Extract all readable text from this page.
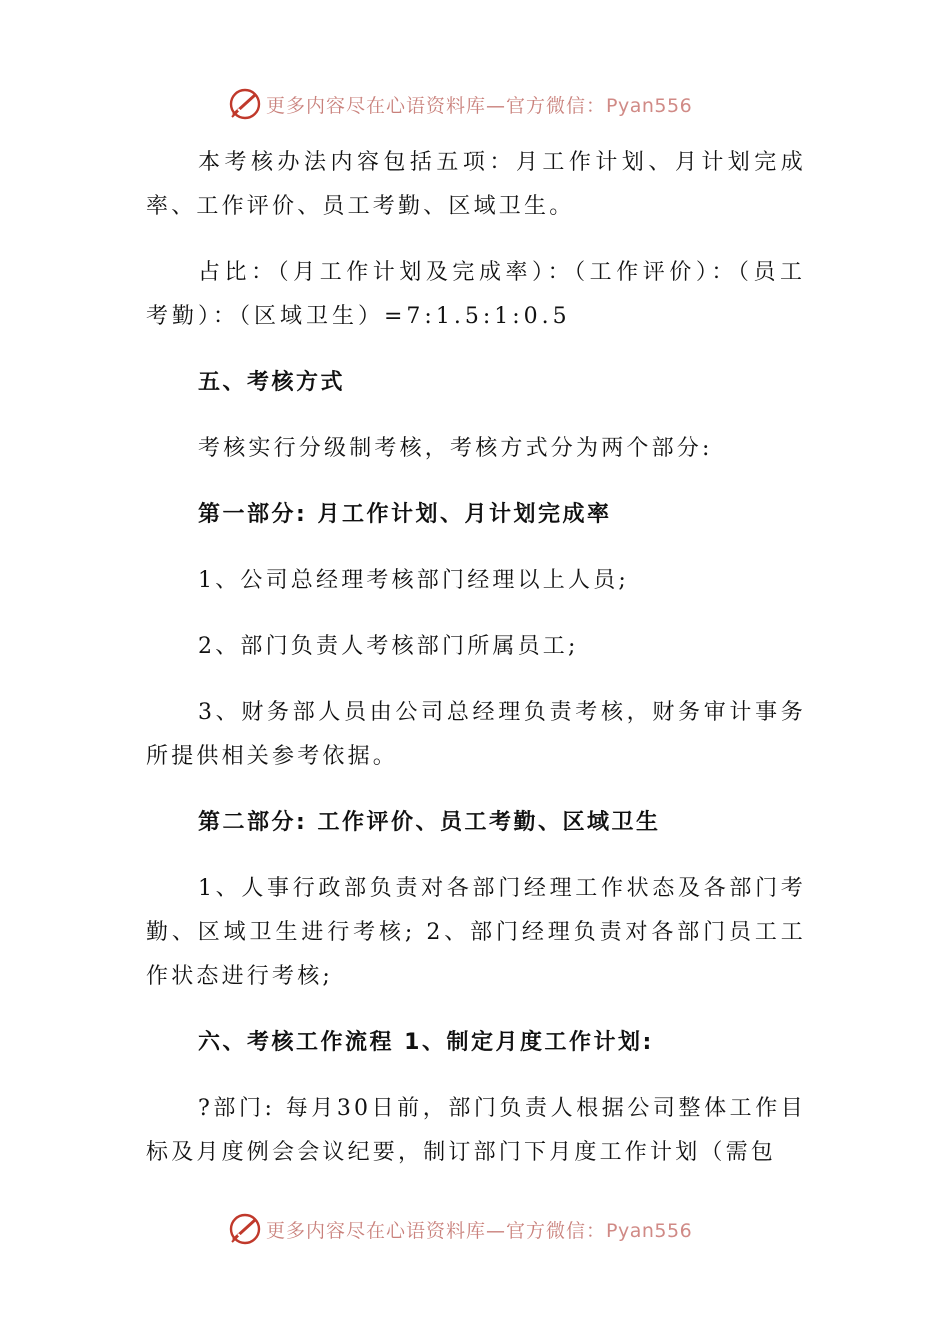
更多内容尽在心语资料库—官方微信：Pyan556

本考核办法内容包括五项：月工作计划、月计划完成率、工作评价、员工考勤、区域卫生。

占比：（月工作计划及完成率）：（工作评价）：（员工考勤）：（区域卫生）=7:1.5:1:0.5

五、考核方式

考核实行分级制考核，考核方式分为两个部分:

第一部分: 月工作计划、月计划完成率

1、公司总经理考核部门经理以上人员;

2、部门负责人考核部门所属员工;

3、财务部人员由公司总经理负责考核，财务审计事务所提供相关参考依据。

第二部分: 工作评价、员工考勤、区域卫生

1、人事行政部负责对各部门经理工作状态及各部门考勤、区域卫生进行考核; 2、部门经理负责对各部门员工工作状态进行考核;

六、考核工作流程 1、制定月度工作计划:

?部门: 每月30日前，部门负责人根据公司整体工作目标及月度例会会议纪要，制订部门下月度工作计划（需包

更多内容尽在心语资料库—官方微信：Pyan556
